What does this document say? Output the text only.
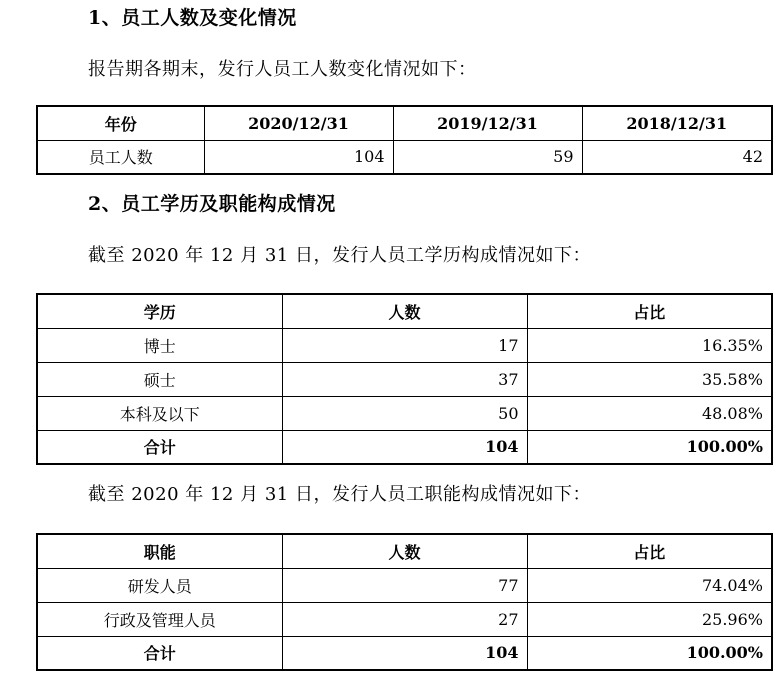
1、员工人数及变化情况
报告期各期末，发行人员工人数变化情况如下：
年份	2020/12/31	2019/12/31	2018/12/31
员工人数	104	59	42
2、员工学历及职能构成情况
截至 2020 年 12 月 31 日，发行人员工学历构成情况如下：
学历	人数	占比
博士	17	16.35%
硕士	37	35.58%
本科及以下	50	48.08%
合计	104	100.00%
截至 2020 年 12 月 31 日，发行人员工职能构成情况如下：
职能	人数	占比
研发人员	77	74.04%
行政及管理人员	27	25.96%
合计	104	100.00%
